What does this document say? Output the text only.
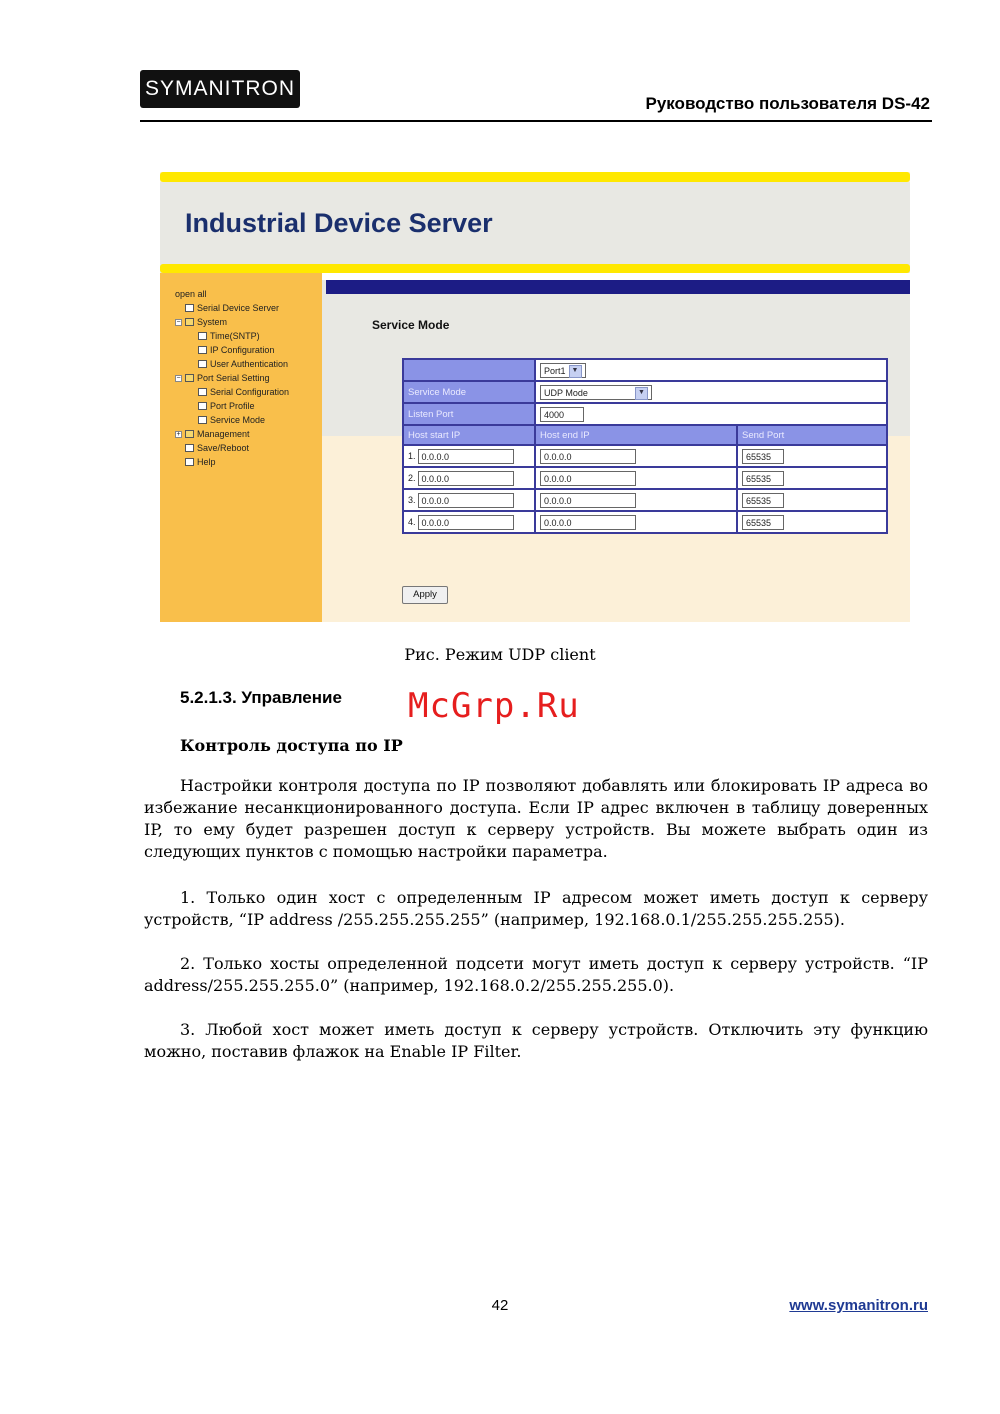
SYMANITRON
Руководство пользователя DS-42
Industrial Device Server
open all
Serial Device Server
− System
Time(SNTP)
IP Configuration
User Authentication
− Port Serial Setting
Serial Configuration
Port Profile
Service Mode
+ Management
Save/Reboot
Help
Service Mode
	Port1 ▼	
Service Mode	UDP Mode ▼	

Listen Port	4000	
Host start IP	Host end IP	Send Port
1. 0.0.0.0	0.0.0.0	65535
2. 0.0.0.0	0.0.0.0	65535
3. 0.0.0.0	0.0.0.0	65535
4. 0.0.0.0	0.0.0.0	65535
Apply
Рис. Режим UDP client
5.2.1.3. Управление McGrp.Ru
Контроль доступа по IP

Настройки контроля доступа по IP позволяют добавлять или блокировать IP адреса во избежание несанкционированного доступа. Если IP адрес включен в таблицу доверенных IP, то ему будет разрешен доступ к серверу устройств. Вы можете выбрать один из следующих пунктов с помощью настройки параметра.

1. Только один хост с определенным IP адресом может иметь доступ к серверу устройств, “IP address /255.255.255.255” (например, 192.168.0.1/255.255.255.255).

2. Только хосты определенной подсети могут иметь доступ к серверу устройств. “IP address/255.255.255.0” (например, 192.168.0.2/255.255.255.0).

3. Любой хост может иметь доступ к серверу устройств. Отключить эту функцию можно, поставив флажок на Enable IP Filter.

42	www.symanitron.ru
